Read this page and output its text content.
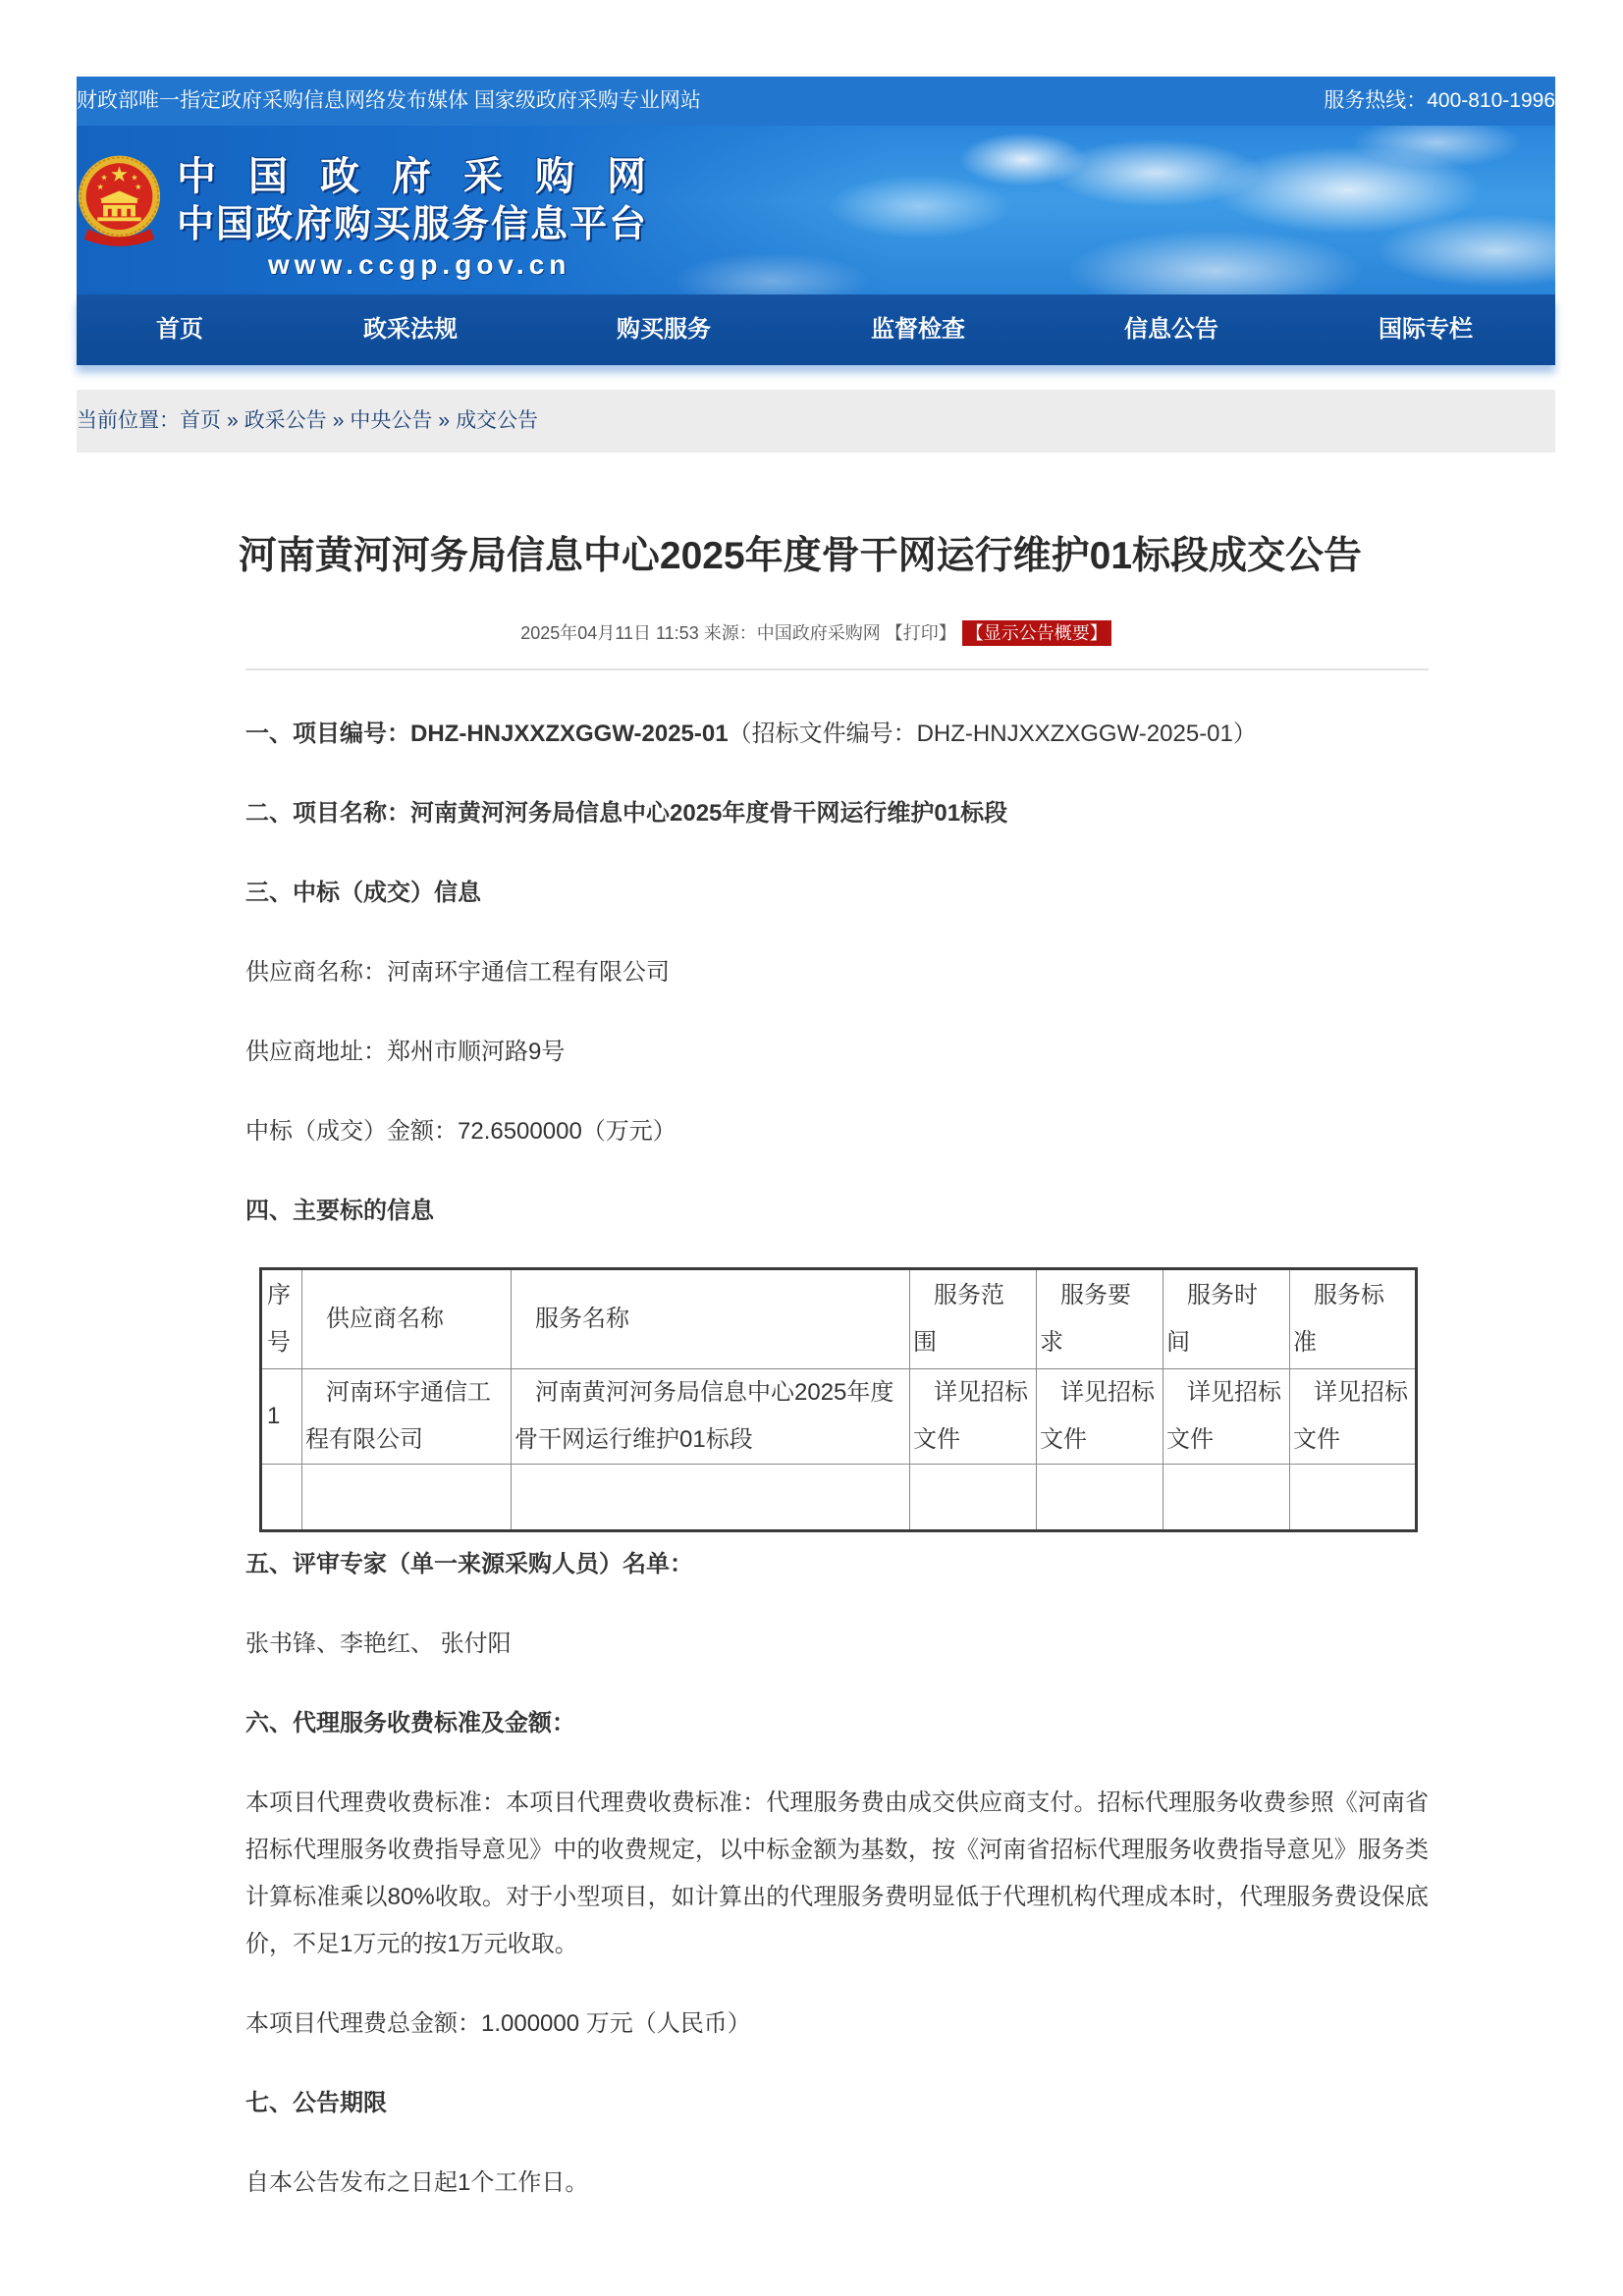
财政部唯一指定政府采购信息网络发布媒体 国家级政府采购专业网站	服务热线：400-810-1996
中国政府采购网
中国政府购买服务信息平台
www.ccgp.gov.cn
首页	政采法规	购买服务	监督检查	信息公告	国际专栏
当前位置：首页 » 政采公告 » 中央公告 » 成交公告
河南黄河河务局信息中心2025年度骨干网运行维护01标段成交公告
2025年04月11日 11:53 来源：中国政府采购网 【打印】 【显示公告概要】

一、项目编号：DHZ-HNJXXZXGGW-2025-01（招标文件编号：DHZ-HNJXXZXGGW-2025-01）

二、项目名称：河南黄河河务局信息中心2025年度骨干网运行维护01标段

三、中标（成交）信息

供应商名称：河南环宇通信工程有限公司

供应商地址：郑州市顺河路9号

中标（成交）金额：72.6500000（万元）

四、主要标的信息

序号	供应商名称	服务名称	服务范围	服务要求	服务时间	服务标准
1	河南环宇通信工程有限公司	河南黄河河务局信息中心2025年度骨干网运行维护01标段	详见招标文件	详见招标文件	详见招标文件	详见招标文件

五、评审专家（单一来源采购人员）名单：

张书锋、李艳红、 张付阳

六、代理服务收费标准及金额：

本项目代理费收费标准：本项目代理费收费标准：代理服务费由成交供应商支付。招标代理服务收费参照《河南省招标代理服务收费指导意见》中的收费规定，以中标金额为基数，按《河南省招标代理服务收费指导意见》服务类计算标准乘以80%收取。对于小型项目，如计算出的代理服务费明显低于代理机构代理成本时，代理服务费设保底价，不足1万元的按1万元收取。

本项目代理费总金额：1.000000 万元（人民币）

七、公告期限

自本公告发布之日起1个工作日。
